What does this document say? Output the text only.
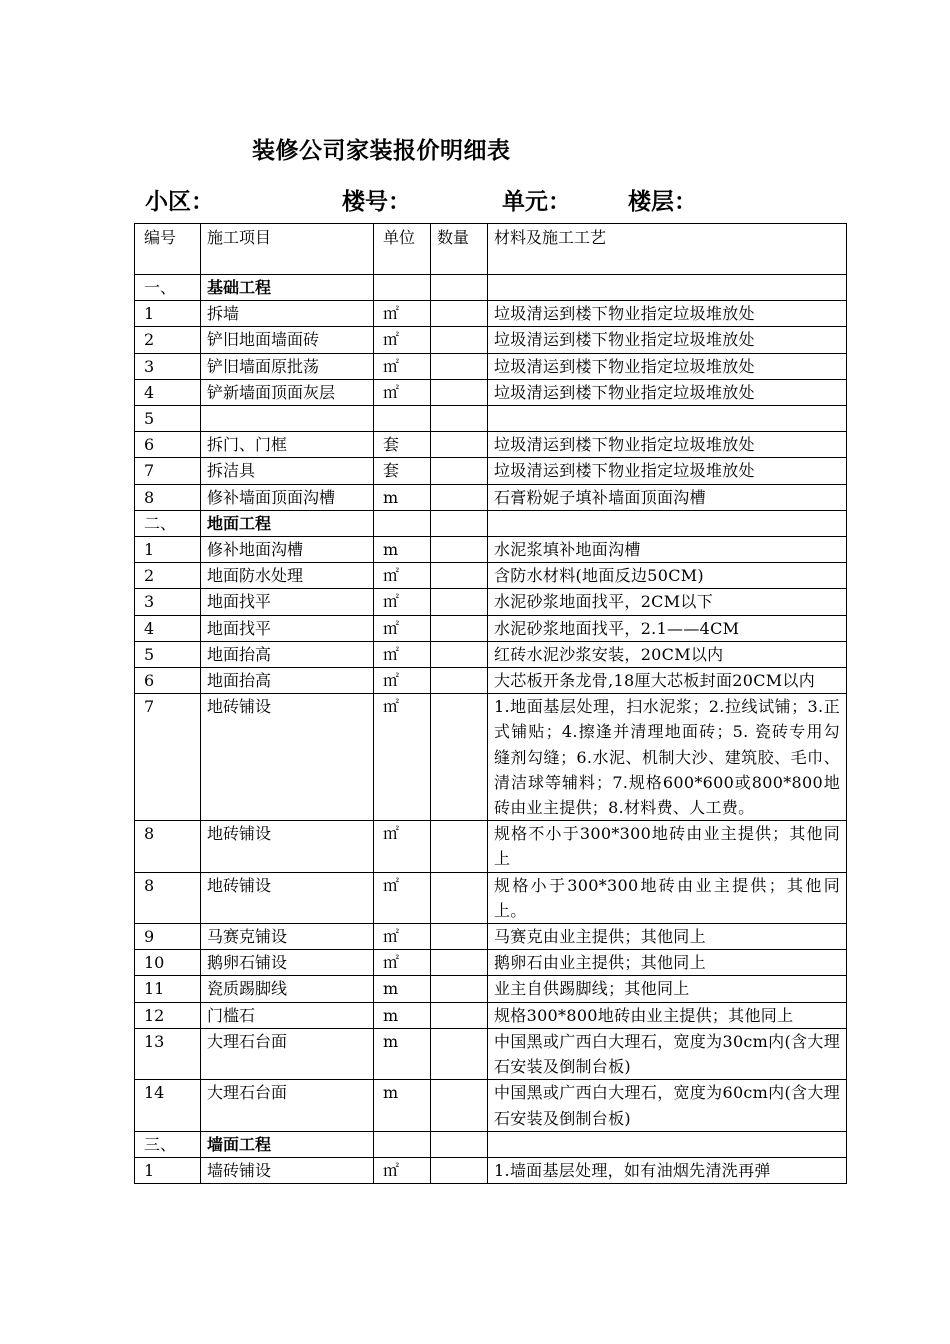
装修公司家装报价明细表
小区：	楼号：	单元： 楼层：
编号	施工项目	单位	数量	材料及施工工艺
一、	基础工程			
1	拆墙	㎡		垃圾清运到楼下物业指定垃圾堆放处
2	铲旧地面墙面砖	㎡		垃圾清运到楼下物业指定垃圾堆放处
3	铲旧墙面原批荡	㎡		垃圾清运到楼下物业指定垃圾堆放处
4	铲新墙面顶面灰层	㎡		垃圾清运到楼下物业指定垃圾堆放处
5				
6	拆门、门框	套		垃圾清运到楼下物业指定垃圾堆放处
7	拆洁具	套		垃圾清运到楼下物业指定垃圾堆放处
8	修补墙面顶面沟槽	m		石膏粉妮子填补墙面顶面沟槽
二、	地面工程			
1	修补地面沟槽	m		水泥浆填补地面沟槽
2	地面防水处理	㎡		含防水材料(地面反边50CM)
3	地面找平	㎡		水泥砂浆地面找平，2CM以下
4	地面找平	㎡		水泥砂浆地面找平，2.1——4CM
5	地面抬高	㎡		红砖水泥沙浆安装，20CM以内
6	地面抬高	㎡		大芯板开条龙骨,18厘大芯板封面20CM以内
7	地砖铺设	㎡		1.地面基层处理，扫水泥浆；2.拉线试铺；3.正式铺贴；4.擦逢并清理地面砖；5. 瓷砖专用勾缝剂勾缝；6.水泥、机制大沙、建筑胶、毛巾、清洁球等辅料；7.规格600*600或800*800地砖由业主提供；8.材料费、人工费。
8	地砖铺设	㎡		规格不小于300*300地砖由业主提供；其他同上
8	地砖铺设	㎡		规格小于300*300地砖由业主提供；其他同上。
9	马赛克铺设	㎡		马赛克由业主提供；其他同上
10	鹅卵石铺设	㎡		鹅卵石由业主提供；其他同上
11	瓷质踢脚线	m		业主自供踢脚线；其他同上
12	门槛石	m		规格300*800地砖由业主提供；其他同上
13	大理石台面	m		中国黑或广西白大理石，宽度为30cm内(含大理石安装及倒制台板)
14	大理石台面	m		中国黑或广西白大理石，宽度为60cm内(含大理石安装及倒制台板)
三、	墙面工程			
1	墙砖铺设	㎡		1.墙面基层处理，如有油烟先清洗再弹
